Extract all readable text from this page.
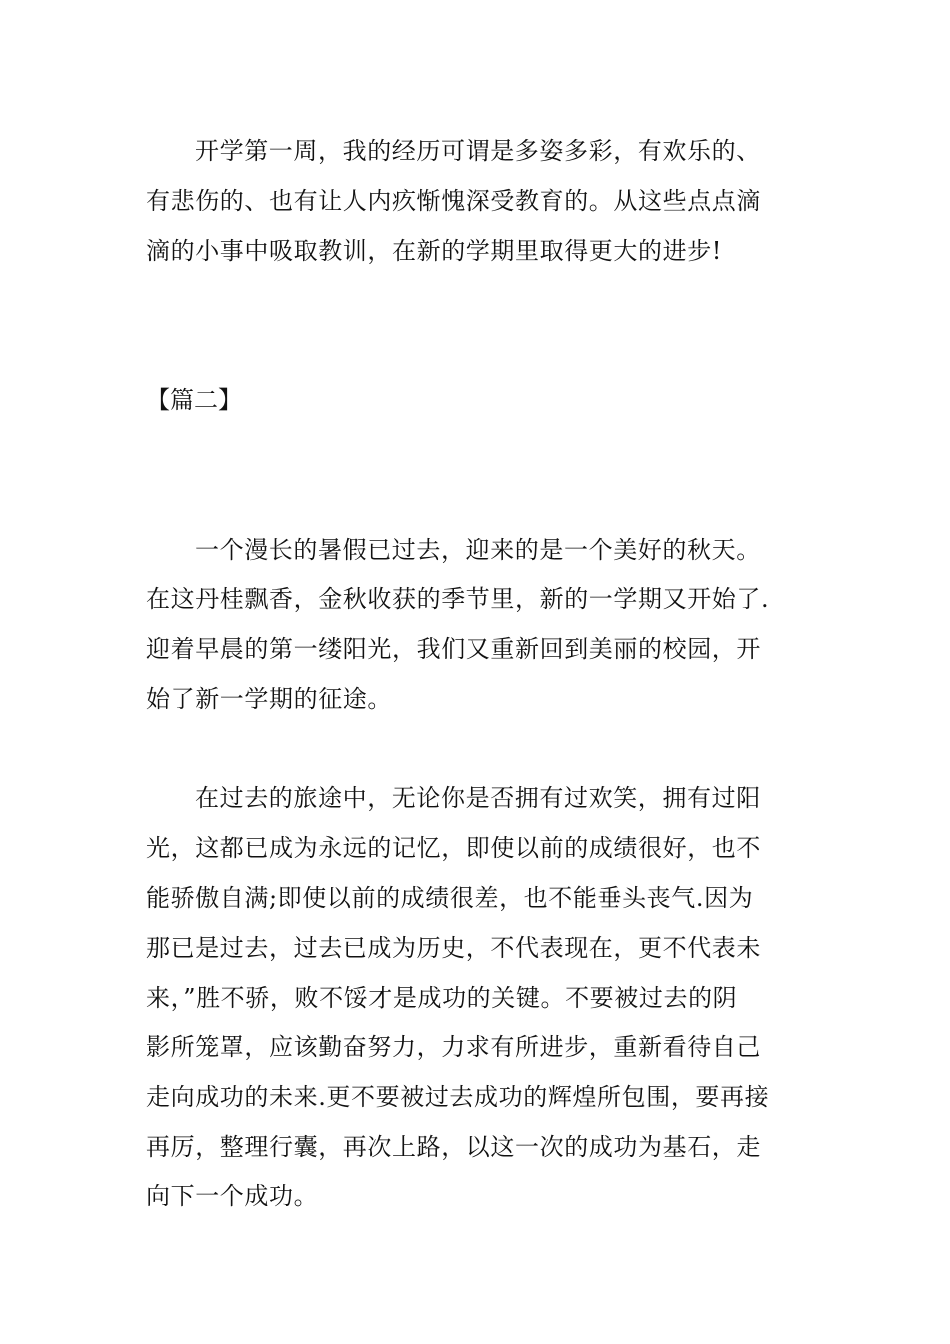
开学第一周，我的经历可谓是多姿多彩，有欢乐的、
有悲伤的、也有让人内疚惭愧深受教育的。从这些点点滴
滴的小事中吸取教训，在新的学期里取得更大的进步!
【篇二】
一个漫长的暑假已过去，迎来的是一个美好的秋天。
在这丹桂飘香，金秋收获的季节里，新的一学期又开始了.
迎着早晨的第一缕阳光，我们又重新回到美丽的校园，开
始了新一学期的征途。
在过去的旅途中，无论你是否拥有过欢笑，拥有过阳
光，这都已成为永远的记忆，即使以前的成绩很好，也不
能骄傲自满;即使以前的成绩很差，也不能垂头丧气.因为
那已是过去，过去已成为历史，不代表现在，更不代表未
来，”胜不骄，败不馁才是成功的关键。不要被过去的阴
影所笼罩，应该勤奋努力，力求有所进步，重新看待自己
走向成功的未来.更不要被过去成功的辉煌所包围，要再接
再厉，整理行囊，再次上路，以这一次的成功为基石，走
向下一个成功。
